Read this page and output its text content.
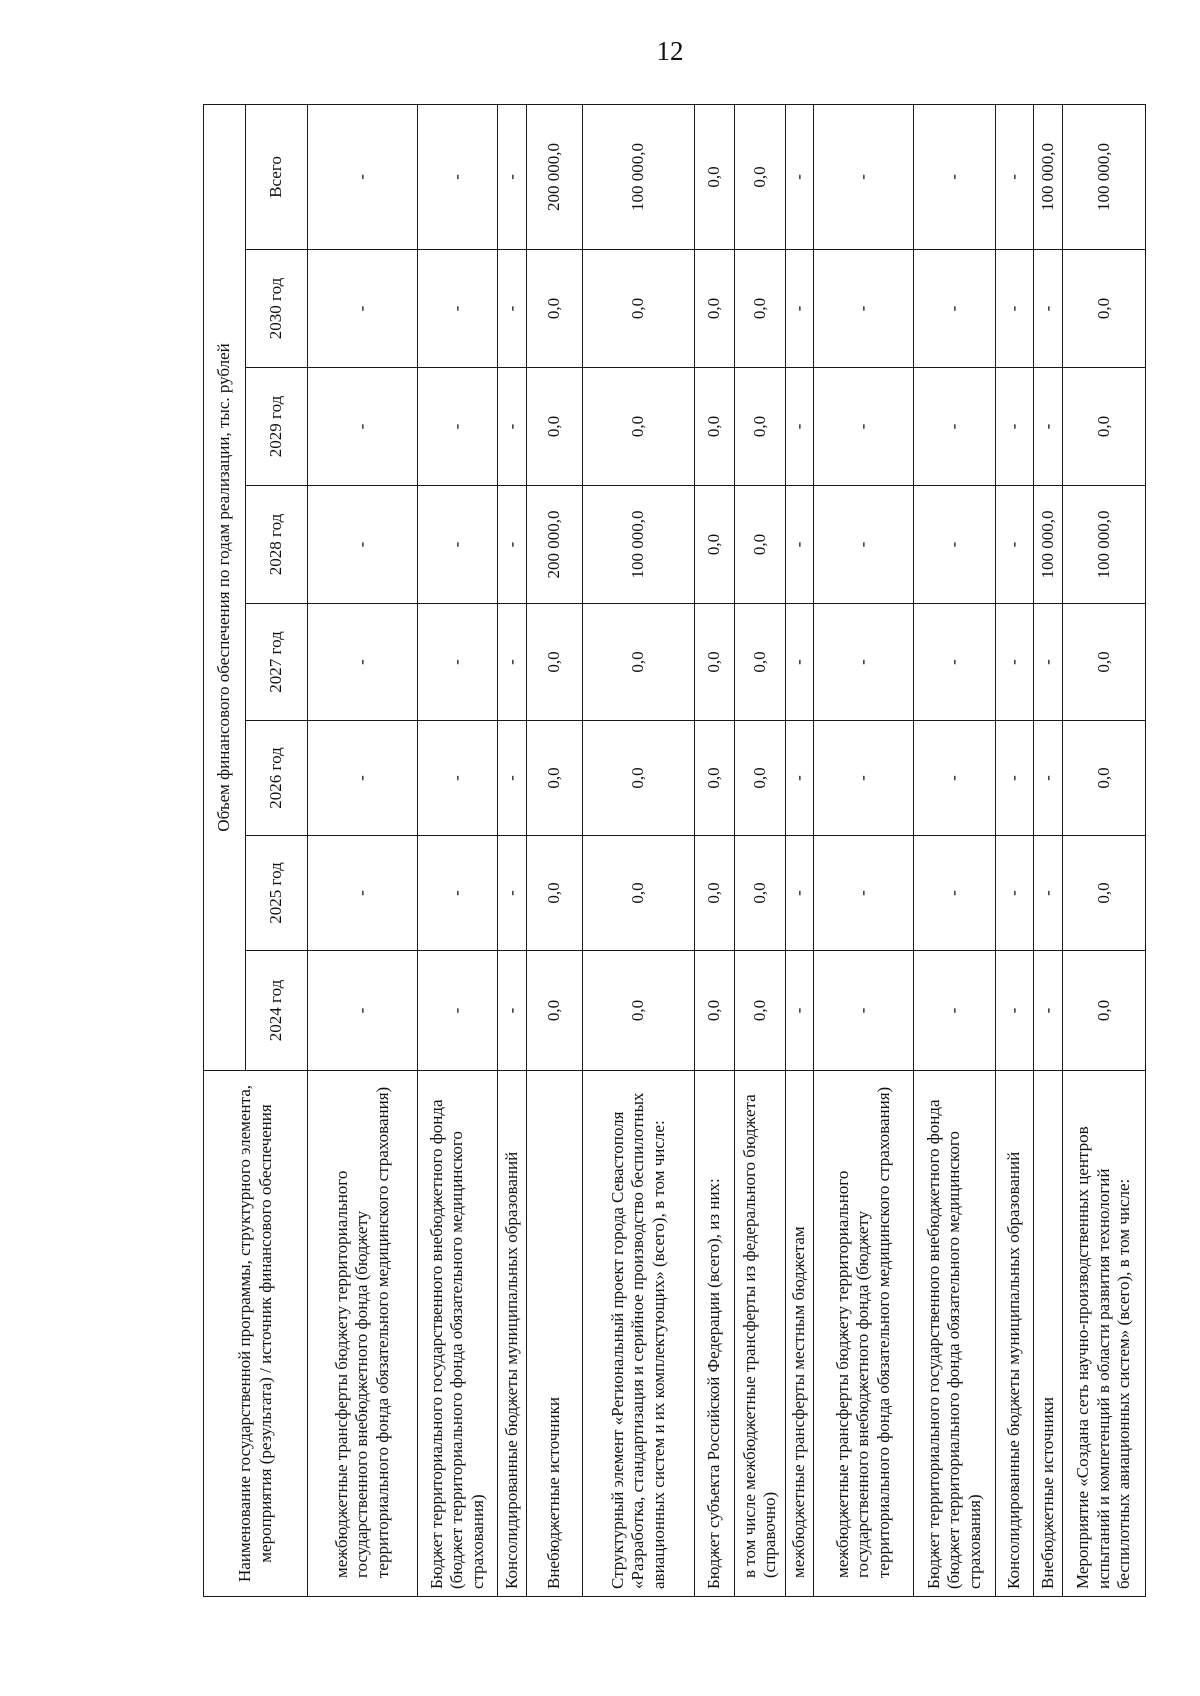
12
Наименование государственной программы, структурного элемента, мероприятия (результата) / источник финансового обеспечения	Объем финансового обеспечения по годам реализации, тыс. рублей							
	2024 год	2025 год	2026 год	2027 год	2028 год	2029 год	2030 год	Всего
межбюджетные трансферты бюджету территориального государственного внебюджетного фонда (бюджету территориального фонда обязательного медицинского страхования)	-	-	-	-	-	-	-	-
Бюджет территориального государственного внебюджетного фонда (бюджет территориального фонда обязательного медицинского страхования)	-	-	-	-	-	-	-	-
Консолидированные бюджеты муниципальных образований	-	-	-	-	-	-	-	-
Внебюджетные источники	0,0	0,0	0,0	0,0	200 000,0	0,0	0,0	200 000,0
Структурный элемент «Региональный проект города Севастополя «Разработка, стандартизация и серийное производство беспилотных авиационных систем и их комплектующих» (всего), в том числе:	0,0	0,0	0,0	0,0	100 000,0	0,0	0,0	100 000,0
Бюджет субъекта Российской Федерации (всего), из них:	0,0	0,0	0,0	0,0	0,0	0,0	0,0	0,0
в том числе межбюджетные трансферты из федерального бюджета (справочно)	0,0	0,0	0,0	0,0	0,0	0,0	0,0	0,0
межбюджетные трансферты местным бюджетам	-	-	-	-	-	-	-	-
межбюджетные трансферты бюджету территориального государственного внебюджетного фонда (бюджету территориального фонда обязательного медицинского страхования)	-	-	-	-	-	-	-	-
Бюджет территориального государственного внебюджетного фонда (бюджет территориального фонда обязательного медицинского страхования)	-	-	-	-	-	-	-	-
Консолидированные бюджеты муниципальных образований	-	-	-	-	-	-	-	-
Внебюджетные источники	-	-	-	-	100 000,0	-	-	100 000,0
Мероприятие «Создана сеть научно-производственных центров испытаний и компетенций в области развития технологий беспилотных авиационных систем» (всего), в том числе:	0,0	0,0	0,0	0,0	100 000,0	0,0	0,0	100 000,0
